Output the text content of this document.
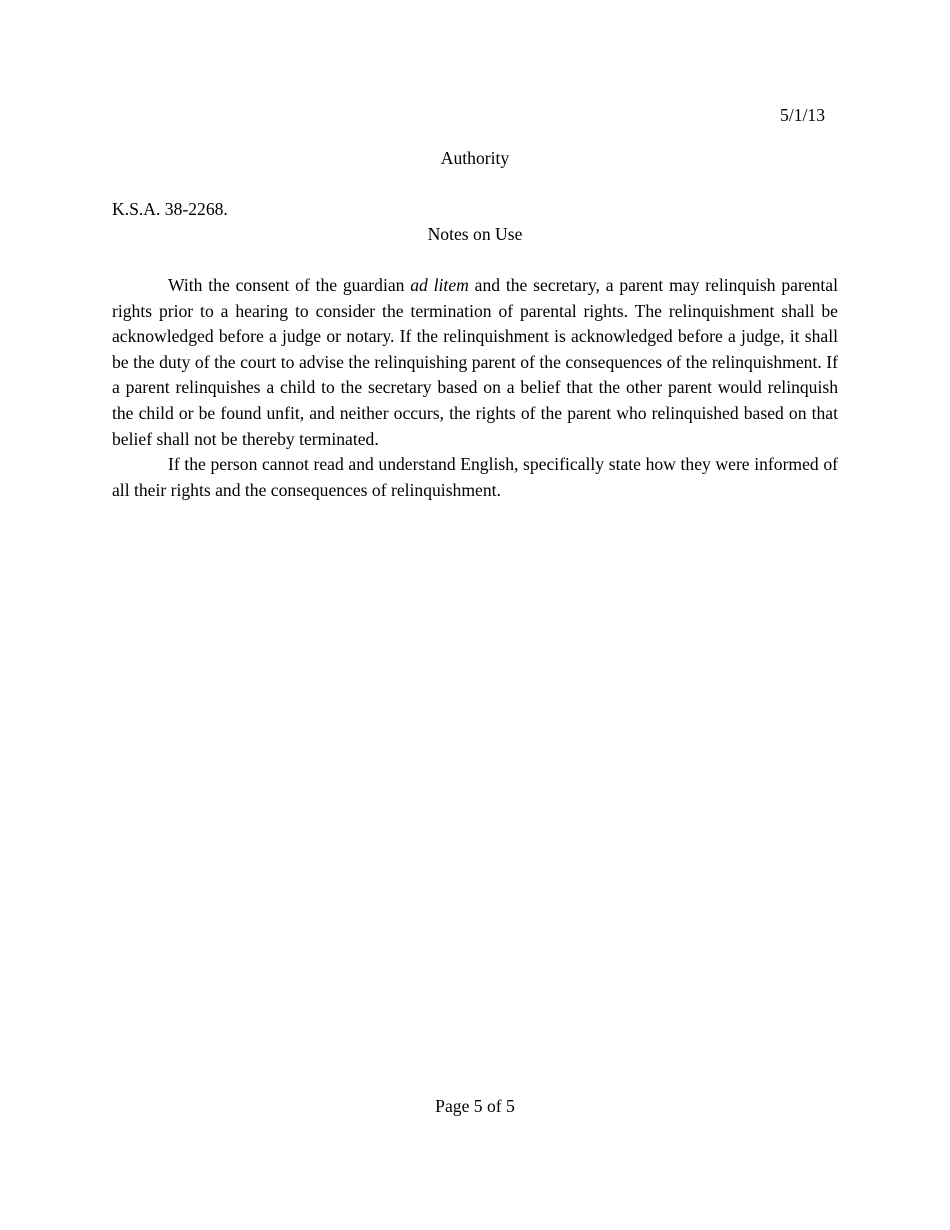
5/1/13
Authority
K.S.A. 38-2268.
Notes on Use

With the consent of the guardian ad litem and the secretary, a parent may relinquish parental rights prior to a hearing to consider the termination of parental rights. The relinquishment shall be acknowledged before a judge or notary. If the relinquishment is acknowledged before a judge, it shall be the duty of the court to advise the relinquishing parent of the consequences of the relinquishment. If a parent relinquishes a child to the secretary based on a belief that the other parent would relinquish the child or be found unfit, and neither occurs, the rights of the parent who relinquished based on that belief shall not be thereby terminated.

If the person cannot read and understand English, specifically state how they were informed of all their rights and the consequences of relinquishment.

Page 5 of 5
